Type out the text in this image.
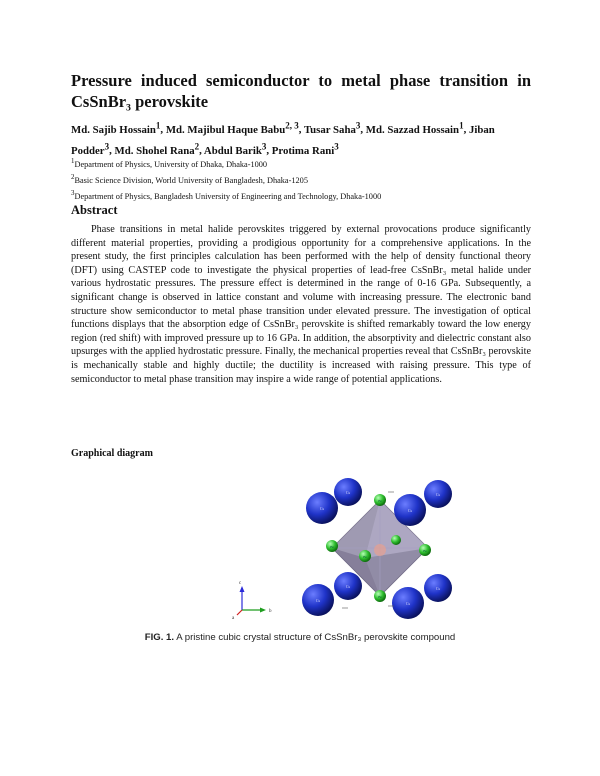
Pressure induced semiconductor to metal phase transition in CsSnBr₃ perovskite

Md. Sajib Hossain$^1$, Md. Majibul Haque Babu$^{2, 3}$, Tusar Saha$^3$, Md. Sazzad Hossain$^1$, Jiban Podder$^3$, Md. Shohel Rana$^2$, Abdul Barik$^3$, Protima Rani$^3$

$^1$Department of Physics, University of Dhaka, Dhaka-1000
$^2$Basic Science Division, World University of Bangladesh, Dhaka-1205
$^3$Department of Physics, Bangladesh University of Engineering and Technology, Dhaka-1000
Abstract

Phase transitions in metal halide perovskites triggered by external provocations produce significantly different material properties, providing a prodigious opportunity for a comprehensive applications. In the present study, the first principles calculation has been performed with the help of density functional theory (DFT) using CASTEP code to investigate the physical properties of lead-free CsSnBr₃ metal halide under various hydrostatic pressures. The pressure effect is determined in the range of 0-16 GPa. Subsequently, a significant change is observed in lattice constant and volume with increasing pressure. The electronic band structure show semiconductor to metal phase transition under elevated pressure. The investigation of optical functions displays that the absorption edge of CsSnBr₃ perovskite is shifted remarkably toward the low energy region (red shift) with improved pressure up to 16 GPa. In addition, the absorptivity and dielectric constant also upsurges with the applied hydrostatic pressure. Finally, the mechanical properties reveal that CsSnBr₃ perovskite is mechanically stable and highly ductile; the ductility is increased with raising pressure. This type of semiconductor to metal phase transition may inspire a wide range of potential applications.

Graphical diagram
Cs	Cs
Cs	Cs
Br
Br
Br
Br
Br
Cs	Cs
Cs
Cs
c
b
a
FIG. 1. A pristine cubic crystal structure of CsSnBr₃ perovskite compound
